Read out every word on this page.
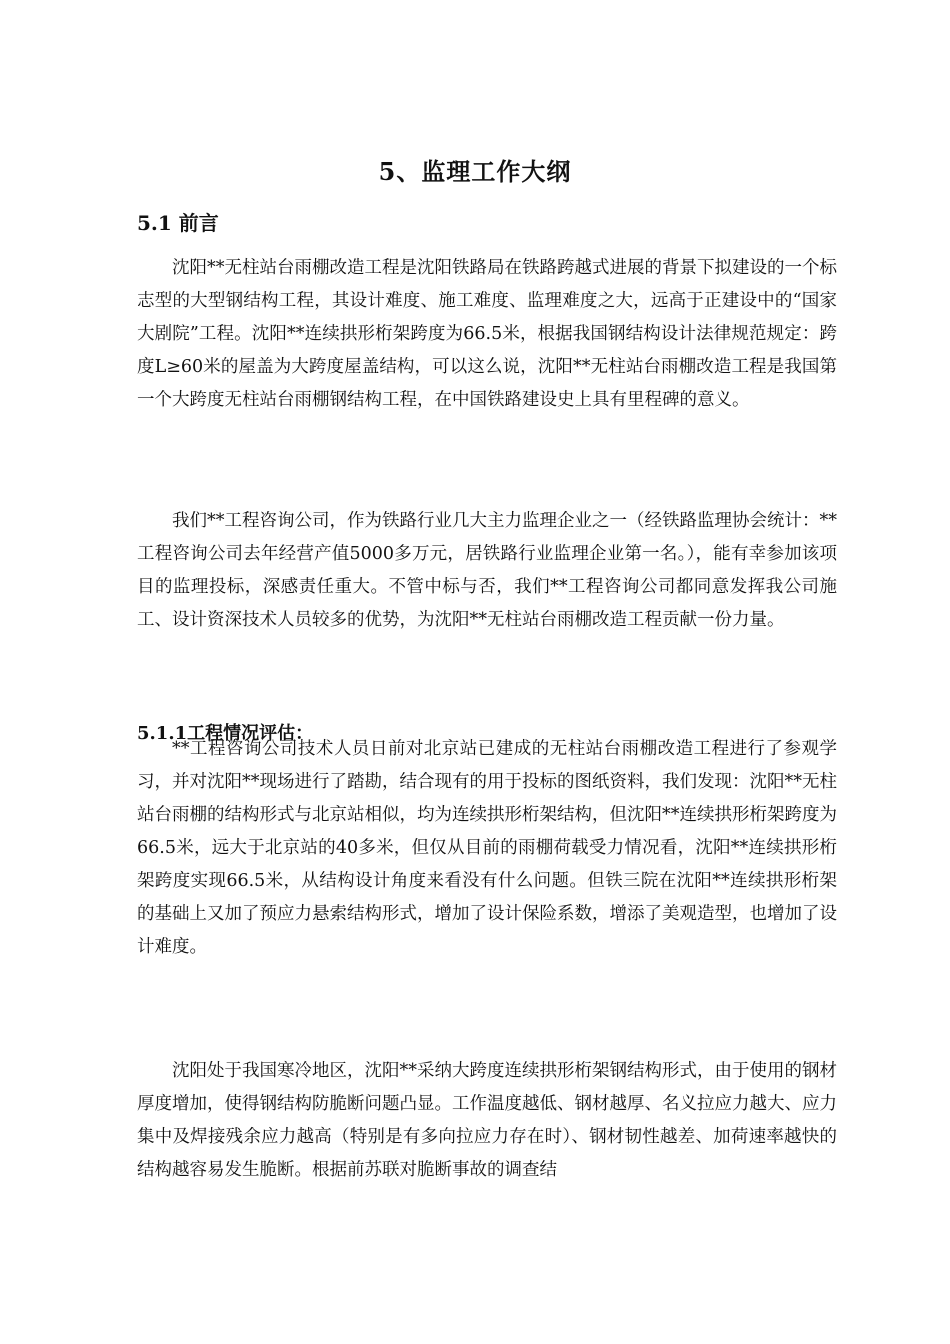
5、监理工作大纲
5.1 前言

沈阳**无柱站台雨棚改造工程是沈阳铁路局在铁路跨越式进展的背景下拟建设的一个标志型的大型钢结构工程，其设计难度、施工难度、监理难度之大，远高于正建设中的“国家大剧院”工程。沈阳**连续拱形桁架跨度为66.5米，根据我国钢结构设计法律规范规定：跨度L≥60米的屋盖为大跨度屋盖结构，可以这么说，沈阳**无柱站台雨棚改造工程是我国第一个大跨度无柱站台雨棚钢结构工程，在中国铁路建设史上具有里程碑的意义。

我们**工程咨询公司，作为铁路行业几大主力监理企业之一（经铁路监理协会统计：**工程咨询公司去年经营产值5000多万元，居铁路行业监理企业第一名。），能有幸参加该项目的监理投标，深感责任重大。不管中标与否，我们**工程咨询公司都同意发挥我公司施工、设计资深技术人员较多的优势，为沈阳**无柱站台雨棚改造工程贡献一份力量。

5.1.1工程情况评估：

**工程咨询公司技术人员日前对北京站已建成的无柱站台雨棚改造工程进行了参观学习，并对沈阳**现场进行了踏勘，结合现有的用于投标的图纸资料，我们发现：沈阳**无柱站台雨棚的结构形式与北京站相似，均为连续拱形桁架结构，但沈阳**连续拱形桁架跨度为66.5米，远大于北京站的40多米，但仅从目前的雨棚荷载受力情况看，沈阳**连续拱形桁架跨度实现66.5米，从结构设计角度来看没有什么问题。但铁三院在沈阳**连续拱形桁架的基础上又加了预应力悬索结构形式，增加了设计保险系数，增添了美观造型，也增加了设计难度。

沈阳处于我国寒冷地区，沈阳**采纳大跨度连续拱形桁架钢结构形式，由于使用的钢材厚度增加，使得钢结构防脆断问题凸显。工作温度越低、钢材越厚、名义拉应力越大、应力集中及焊接残余应力越高（特别是有多向拉应力存在时）、钢材韧性越差、加荷速率越快的结构越容易发生脆断。根据前苏联对脆断事故的调查结
